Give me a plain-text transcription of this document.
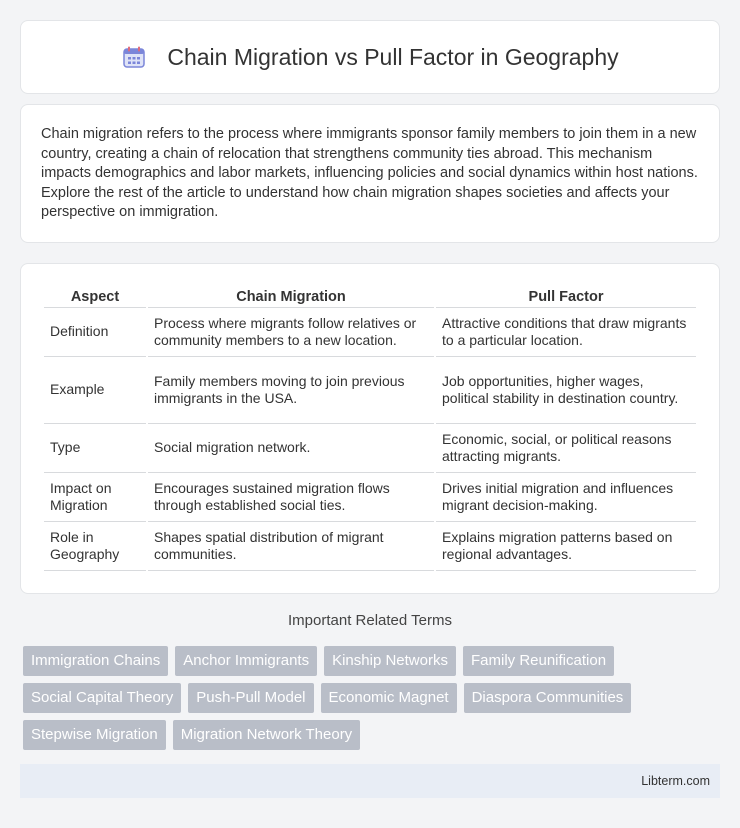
Chain Migration vs Pull Factor in Geography

Chain migration refers to the process where immigrants sponsor family members to join them in a new country, creating a chain of relocation that strengthens community ties abroad. This mechanism impacts demographics and labor markets, influencing policies and social dynamics within host nations. Explore the rest of the article to understand how chain migration shapes societies and affects your perspective on immigration.

Aspect	Chain Migration	Pull Factor
Definition	Process where migrants follow relatives or community members to a new location.	Attractive conditions that draw migrants to a particular location.
Example	Family members moving to join previous immigrants in the USA.	Job opportunities, higher wages, political stability in destination country.
Type	Social migration network.	Economic, social, or political reasons attracting migrants.
Impact on Migration	Encourages sustained migration flows through established social ties.	Drives initial migration and influences migrant decision-making.
Role in Geography	Shapes spatial distribution of migrant communities.	Explains migration patterns based on regional advantages.
Important Related Terms
Immigration Chains	Anchor Immigrants	Kinship Networks	Family Reunification
Social Capital Theory	Push-Pull Model	Economic Magnet	Diaspora Communities
Stepwise Migration	Migration Network Theory
Libterm.com
